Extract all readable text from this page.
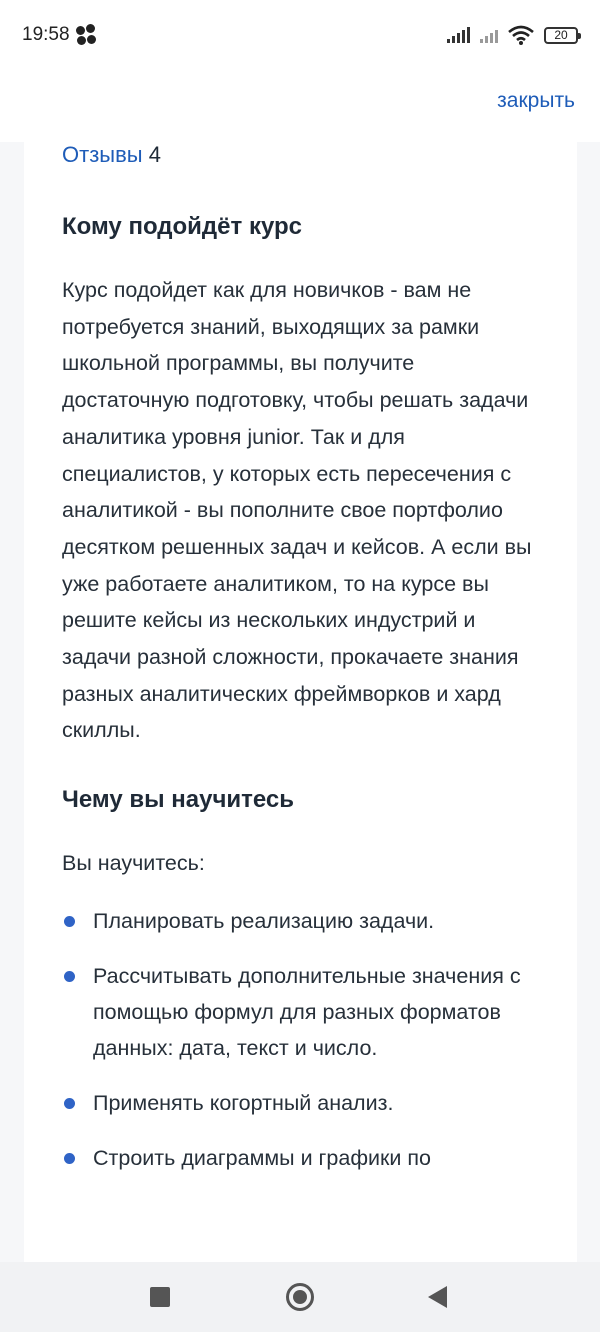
19:58	20
закрыть
Отзывы 4
Кому подойдёт курс

Курс подойдет как для новичков - вам не потребуется знаний, выходящих за рамки школьной программы, вы получите достаточную подготовку, чтобы решать задачи аналитика уровня junior. Так и для специалистов, у которых есть пересечения с аналитикой - вы пополните свое портфолио десятком решенных задач и кейсов. А если вы уже работаете аналитиком, то на курсе вы решите кейсы из нескольких индустрий и задачи разной сложности, прокачаете знания разных аналитических фреймворков и хард скиллы.

Чему вы научитесь

Вы научитесь:

Планировать реализацию задачи.
Рассчитывать дополнительные значения с помощью формул для разных форматов данных: дата, текст и число.
Применять когортный анализ.
Строить диаграммы и графики по
